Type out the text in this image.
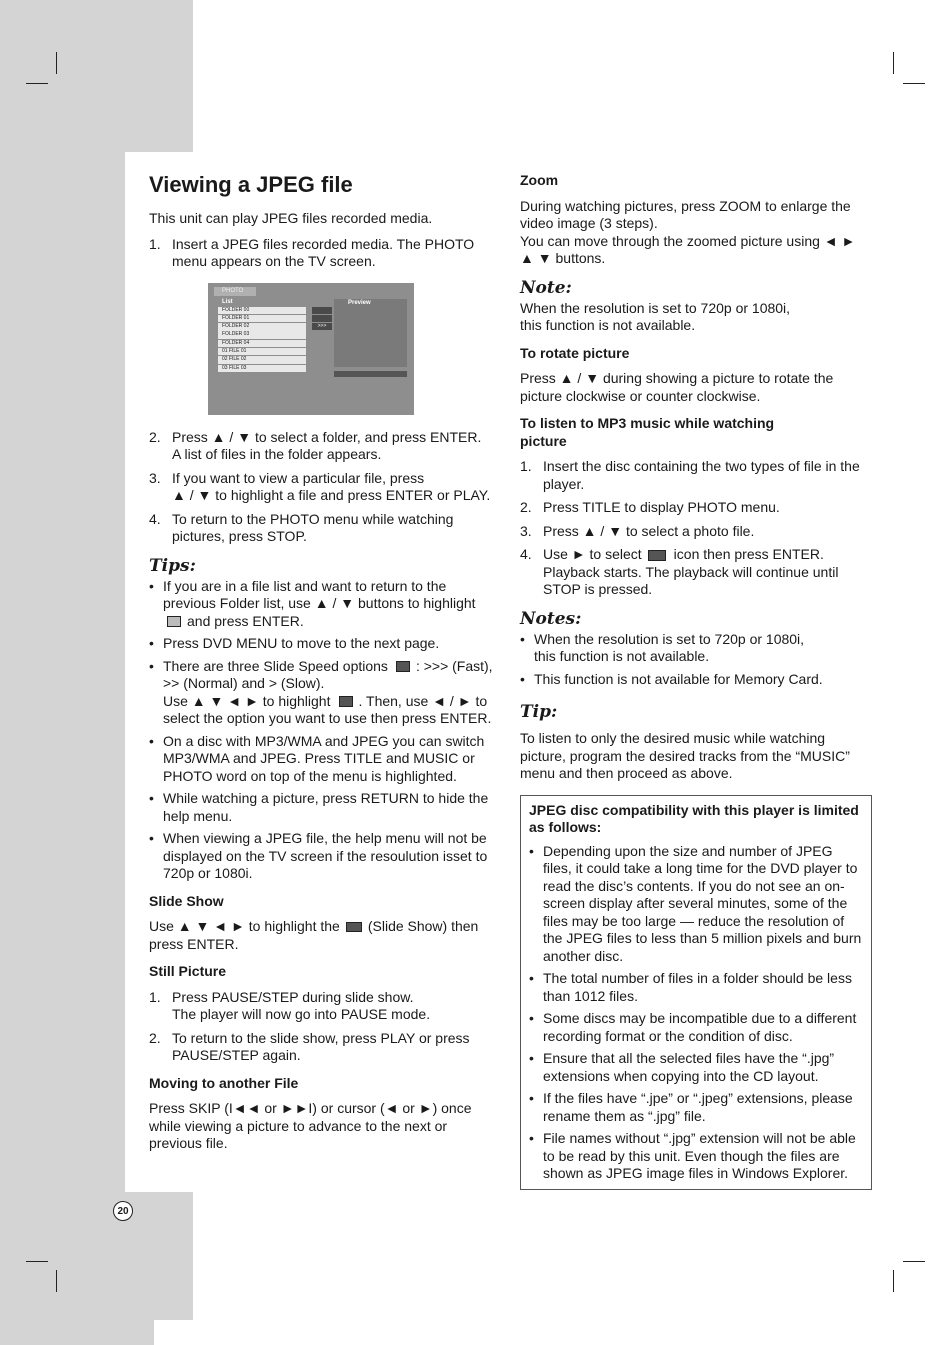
Viewing a JPEG file
This unit can play JPEG files recorded media.
1. Insert a JPEG files recorded media. The PHOTO menu appears on the TV screen.
PHOTO
List
FOLDER 00
FOLDER 01
FOLDER 02
FOLDER 03
FOLDER 04
01 FILE 01
02 FILE 02
03 FILE 03
>>>
Preview
2. Press ▲ / ▼ to select a folder, and press ENTER.
A list of files in the folder appears.
3. If you want to view a particular file, press
▲ / ▼ to highlight a file and press ENTER or PLAY.
4. To return to the PHOTO menu while watching
pictures, press STOP.
Tips:
• If you are in a file list and want to return to the previous Folder list, use ▲ / ▼ buttons to highlight
and press ENTER.
• Press DVD MENU to move to the next page.
• There are three Slide Speed options : >>> (Fast), >> (Normal) and > (Slow).
Use ▲ ▼ ◄ ► to highlight . Then, use ◄ / ► to select the option you want to use then press ENTER.
• On a disc with MP3/WMA and JPEG you can switch MP3/WMA and JPEG. Press TITLE and MUSIC or PHOTO word on top of the menu is highlighted.
• While watching a picture, press RETURN to hide the help menu.
• When viewing a JPEG file, the help menu will not be displayed on the TV screen if the resoulution isset to 720p or 1080i.
Slide Show
Use ▲ ▼ ◄ ► to highlight the (Slide Show) then press ENTER.
Still Picture
1. Press PAUSE/STEP during slide show.
The player will now go into PAUSE mode.
2. To return to the slide show, press PLAY or press
PAUSE/STEP again.
Moving to another File
Press SKIP (I◄◄ or ►►I) or cursor (◄ or ►) once while viewing a picture to advance to the next or previous file.
Zoom
During watching pictures, press ZOOM to enlarge the video image (3 steps).
You can move through the zoomed picture using ◄ ► ▲ ▼ buttons.
Note:
When the resolution is set to 720p or 1080i,
this function is not available.
To rotate picture
Press ▲ / ▼ during showing a picture to rotate the picture clockwise or counter clockwise.
To listen to MP3 music while watching
picture
1. Insert the disc containing the two types of file in the player.
2. Press TITLE to display PHOTO menu.
3. Press ▲ / ▼ to select a photo file.
4. Use ► to select icon then press ENTER.
Playback starts. The playback will continue until STOP is pressed.
Notes:
• When the resolution is set to 720p or 1080i,
this function is not available.
• This function is not available for Memory Card.
Tip:
To listen to only the desired music while watching picture, program the desired tracks from the “MUSIC” menu and then proceed as above.
JPEG disc compatibility with this player is limited as follows:
• Depending upon the size and number of JPEG files, it could take a long time for the DVD player to read the disc’s contents. If you do not see an on-screen display after several minutes, some of the files may be too large — reduce the resolution of the JPEG files to less than 5 million pixels and burn another disc.
• The total number of files in a folder should be less than 1012 files.
• Some discs may be incompatible due to a different recording format or the condition of disc.
• Ensure that all the selected files have the “.jpg” extensions when copying into the CD layout.
• If the files have “.jpe” or “.jpeg” extensions, please rename them as “.jpg” file.
• File names without “.jpg” extension will not be able to be read by this unit. Even though the files are shown as JPEG image files in Windows Explorer.
20
